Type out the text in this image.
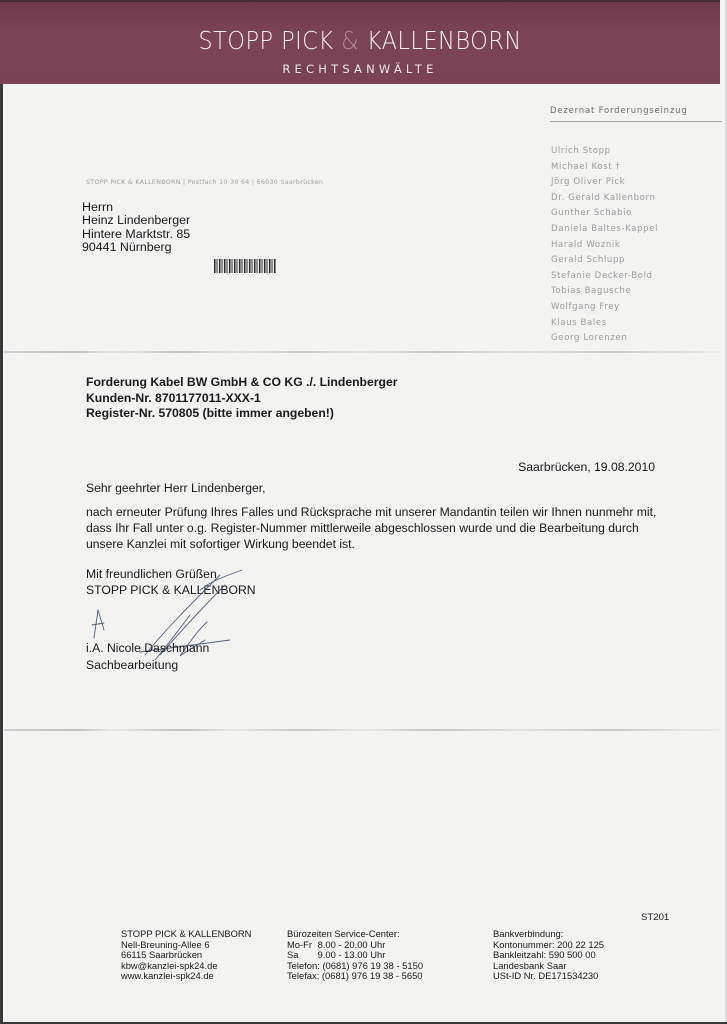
STOPP PICK & KALLENBORN
RECHTSANWÄLTE
Dezernat Forderungseinzug
Ulrich Stopp
Michael Kost †
Jörg Oliver Pick
Dr. Gerald Kallenborn
Gunther Schabio
Daniela Baltes-Kappel
Harald Woznik
Gerald Schlupp
Stefanie Decker-Bold
Tobias Bagusche
Wolfgang Frey
Klaus Bales
Georg Lorenzen
STOPP PICK & KALLENBORN | Postfach 10 30 64 | 66030 Saarbrücken
Herrn
Heinz Lindenberger
Hintere Marktstr. 85
90441 Nürnberg
Forderung Kabel BW GmbH & CO KG ./. Lindenberger
Kunden-Nr. 8701177011-XXX-1
Register-Nr. 570805 (bitte immer angeben!)
Saarbrücken, 19.08.2010
Sehr geehrter Herr Lindenberger,
nach erneuter Prüfung Ihres Falles und Rücksprache mit unserer Mandantin teilen wir Ihnen nunmehr mit,
dass Ihr Fall unter o.g. Register-Nummer mittlerweile abgeschlossen wurde und die Bearbeitung durch
unsere Kanzlei mit sofortiger Wirkung beendet ist.
Mit freundlichen Grüßen
STOPP PICK & KALLENBORN
i.A. Nicole Daschmann
Sachbearbeitung
ST201
STOPP PICK & KALLENBORN
Nell-Breuning-Allee 6
66115 Saarbrücken
kbw@kanzlei-spk24.de
www.kanzlei-spk24.de
Bürozeiten Service-Center:
Mo-Fr 8.00 - 20.00 Uhr
Sa 9.00 - 13.00 Uhr
Telefon: (0681) 976 19 38 - 5150
Telefax: (0681) 976 19 38 - 5650
Bankverbindung:
Kontonummer: 200 22 125
Bankleitzahl: 590 500 00
Landesbank Saar
USt-ID Nr. DE171534230
